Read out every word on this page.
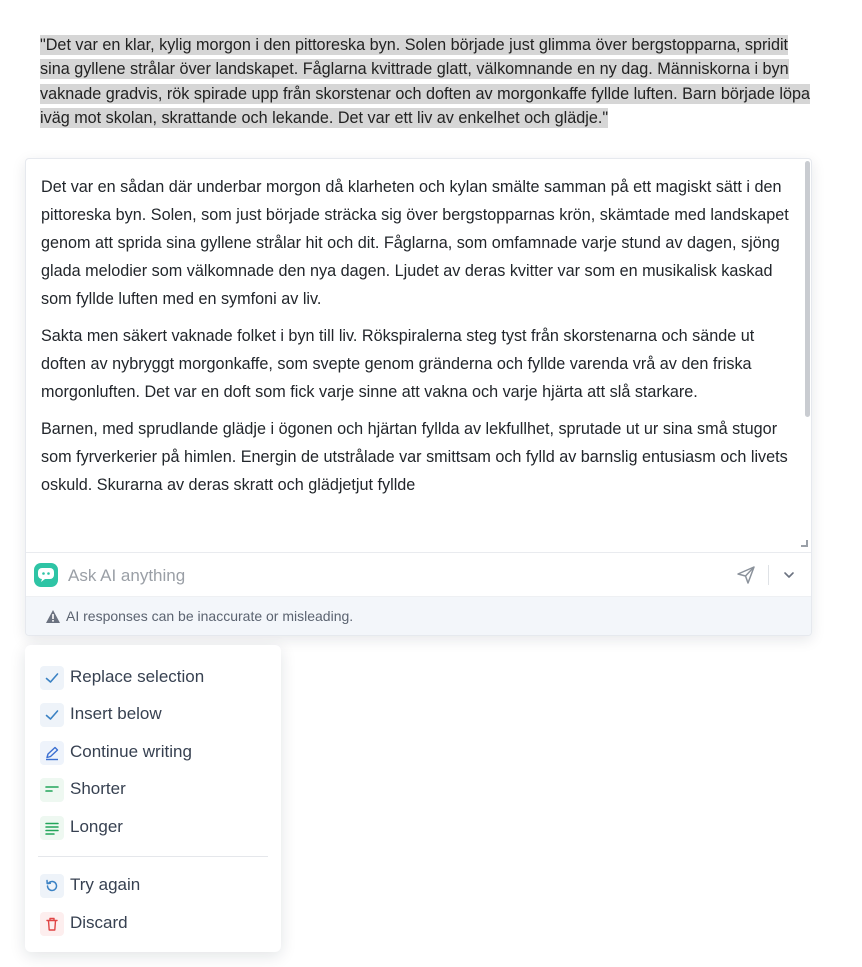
"Det var en klar, kylig morgon i den pittoreska byn. Solen började just glimma över bergstopparna, spridit sina gyllene strålar över landskapet. Fåglarna kvittrade glatt, välkomnande en ny dag. Människorna i byn vaknade gradvis, rök spirade upp från skorstenar och doften av morgonkaffe fyllde luften. Barn började löpa iväg mot skolan, skrattande och lekande. Det var ett liv av enkelhet och glädje."

Det var en sådan där underbar morgon då klarheten och kylan smälte samman på ett magiskt sätt i den pittoreska byn. Solen, som just började sträcka sig över bergstopparnas krön, skämtade med landskapet genom att sprida sina gyllene strålar hit och dit. Fåglarna, som omfamnade varje stund av dagen, sjöng glada melodier som välkomnade den nya dagen. Ljudet av deras kvitter var som en musikalisk kaskad som fyllde luften med en symfoni av liv.

Sakta men säkert vaknade folket i byn till liv. Rökspiralerna steg tyst från skorstenarna och sände ut doften av nybryggt morgonkaffe, som svepte genom gränderna och fyllde varenda vrå av den friska morgonluften. Det var en doft som fick varje sinne att vakna och varje hjärta att slå starkare.

Barnen, med sprudlande glädje i ögonen och hjärtan fyllda av lekfullhet, sprutade ut ur sina små stugor som fyrverkerier på himlen. Energin de utstrålade var smittsam och fylld av barnslig entusiasm och livets oskuld. Skurarna av deras skratt och glädjetjut fyllde

Ask AI anything
AI responses can be inaccurate or misleading.
Replace selection
Insert below
Continue writing
Shorter
Longer
Try again
Discard
